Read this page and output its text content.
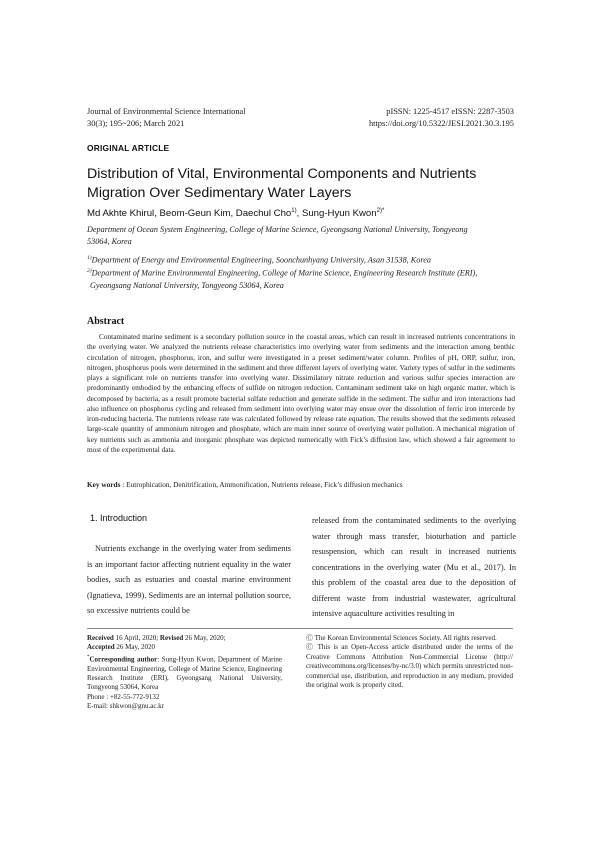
Journal of Environmental Science International
30(3); 195~206; March 2021
pISSN: 1225-4517 eISSN: 2287-3503
https://doi.org/10.5322/JESI.2021.30.3.195
ORIGINAL ARTICLE
Distribution of Vital, Environmental Components and Nutrients
Migration Over Sedimentary Water Layers
Md Akhte Khirul, Beom-Geun Kim, Daechul Cho$^{1)}$, Sung-Hyun Kwon$^{2)*}$
Department of Ocean System Engineering, College of Marine Science, Gyeongsang National University, Tongyeong
53064, Korea
$^{1)}$Department of Energy and Environmental Engineering, Soonchunhyang University, Asan 31538, Korea
$^{2)}$Department of Marine Environmental Engineering, College of Marine Science, Engineering Research Institute (ERI),
Gyeongsang National University, Tongyeong 53064, Korea
Abstract
Contaminated marine sediment is a secondary pollution source in the coastal areas, which can result in increased nutrients concentrations in the overlying water. We analyzed the nutrients release characteristics into overlying water from sediments and the interaction among benthic circulation of nitrogen, phosphorus, iron, and sulfur were investigated in a preset sediment/water column. Profiles of pH, ORP, sulfur, iron, nitrogen, phosphorus pools were determined in the sediment and three different layers of overlying water. Variety types of sulfur in the sediments plays a significant role on nutrients transfer into overlying water. Dissimilatory nitrate reduction and various sulfur species interaction are predominantly embodied by the enhancing effects of sulfide on nitrogen reduction. Contaminant sediment take on high organic matter, which is decomposed by bacteria, as a result promote bacterial sulfate reduction and generate sulfide in the sediment. The sulfur and iron interactions had also influence on phosphorus cycling and released from sediment into overlying water may ensue over the dissolution of ferric iron intercede by iron-reducing bacteria. The nutrients release rate was calculated followed by release rate equation. The results showed that the sediments released large-scale quantity of ammonium nitrogen and phosphate, which are main inner source of overlying water pollution. A mechanical migration of key nutrients such as ammonia and inorganic phosphate was depicted numerically with Fick’s diffusion law, which showed a fair agreement to most of the experimental data.
Key words : Eutrophication, Denitrification, Ammonification, Nutrients release, Fick’s diffusion mechanics
1. Introduction
Nutrients exchange in the overlying water from sediments is an important factor affecting nutrient equality in the water bodies, such as estuaries and coastal marine environment (Ignatieva, 1999). Sediments are an internal pollution source, so excessive nutrients could be
released from the contaminated sediments to the overlying water through mass transfer, bioturbation and particle resuspension, which can result in increased nutrients concentrations in the overlying water (Mu et al., 2017). In this problem of the coastal area due to the deposition of different waste from industrial wastewater, agricultural intensive aquaculture activities resulting in
Received 16 April, 2020; Revised 26 May, 2020;
Accepted 26 May, 2020
*Corresponding author: Sung-Hyun Kwon, Department of Marine Environmental Engineering, College of Marine Science, Engineering Research Institute (ERI), Gyeongsang National University, Tongyeong 53064, Korea
Phone : +82-55-772-9132
E-mail: shkwon@gnu.ac.kr
Ⓒ The Korean Environmental Sciences Society. All rights reserved.
Ⓒ This is an Open-Access article distributed under the terms of the Creative Commons Attribution Non-Commercial License (http:// creativecommons.org/licenses/by-nc/3.0) which permits unrestricted non-commercial use, distribution, and reproduction in any medium, provided the original work is properly cited.
